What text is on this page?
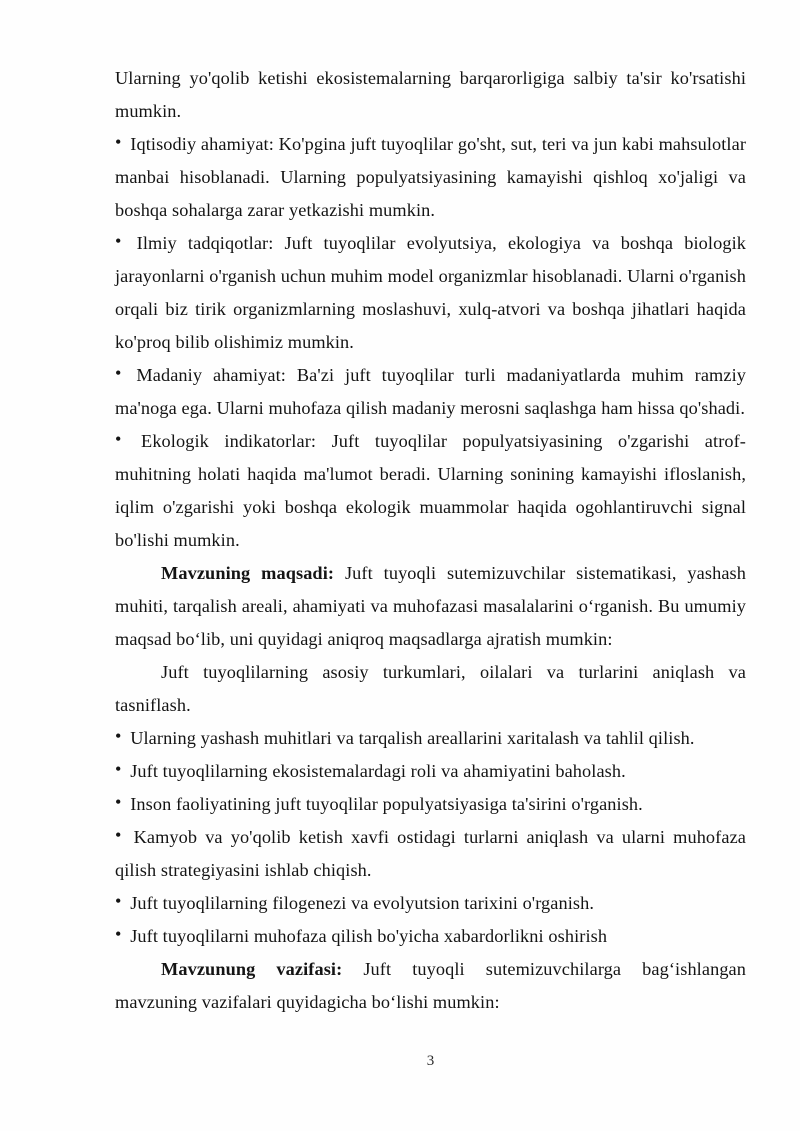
Ularning yo'qolib ketishi ekosistemalarning barqarorligiga salbiy ta'sir ko'rsatishi mumkin.

• Iqtisodiy ahamiyat: Ko'pgina juft tuyoqlilar go'sht, sut, teri va jun kabi mahsulotlar manbai hisoblanadi. Ularning populyatsiyasining kamayishi qishloq xo'jaligi va boshqa sohalarga zarar yetkazishi mumkin.

• Ilmiy tadqiqotlar: Juft tuyoqlilar evolyutsiya, ekologiya va boshqa biologik jarayonlarni o'rganish uchun muhim model organizmlar hisoblanadi. Ularni o'rganish orqali biz tirik organizmlarning moslashuvi, xulq-atvori va boshqa jihatlari haqida ko'proq bilib olishimiz mumkin.

• Madaniy ahamiyat: Ba'zi juft tuyoqlilar turli madaniyatlarda muhim ramziy ma'noga ega. Ularni muhofaza qilish madaniy merosni saqlashga ham hissa qo'shadi.

• Ekologik indikatorlar: Juft tuyoqlilar populyatsiyasining o'zgarishi atrof-muhitning holati haqida ma'lumot beradi. Ularning sonining kamayishi ifloslanish, iqlim o'zgarishi yoki boshqa ekologik muammolar haqida ogohlantiruvchi signal bo'lishi mumkin.

Mavzuning maqsadi: Juft tuyoqli sutemizuvchilar sistematikasi, yashash muhiti, tarqalish areali, ahamiyati va muhofazasi masalalarini oʻrganish. Bu umumiy maqsad boʻlib, uni quyidagi aniqroq maqsadlarga ajratish mumkin:

Juft tuyoqlilarning asosiy turkumlari, oilalari va turlarini aniqlash va tasniflash.

• Ularning yashash muhitlari va tarqalish areallarini xaritalash va tahlil qilish.

• Juft tuyoqlilarning ekosistemalardagi roli va ahamiyatini baholash.

• Inson faoliyatining juft tuyoqlilar populyatsiyasiga ta'sirini o'rganish.

• Kamyob va yo'qolib ketish xavfi ostidagi turlarni aniqlash va ularni muhofaza qilish strategiyasini ishlab chiqish.

• Juft tuyoqlilarning filogenezi va evolyutsion tarixini o'rganish.

• Juft tuyoqlilarni muhofaza qilish bo'yicha xabardorlikni oshirish

Mavzunung vazifasi: Juft tuyoqli sutemizuvchilarga bagʻishlangan mavzuning vazifalari quyidagicha boʻlishi mumkin:

3
